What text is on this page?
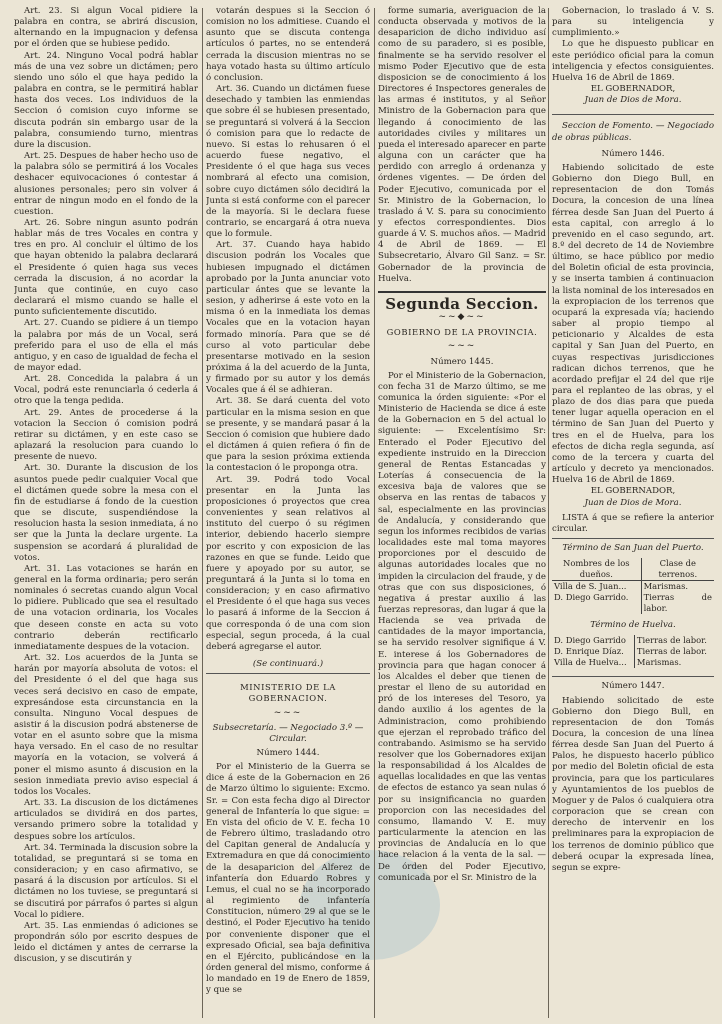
Art. 23. Si algun Vocal pidiere la palabra en contra, se abrirá discusion, alternando en la impugnacion y defensa por el órden que se hubiese pedido.

Art. 24. Ninguno Vocal podrá hablar más de una vez sobre un dictámen; pero siendo uno sólo el que haya pedido la palabra en contra, se le permitirá hablar hasta dos veces. Los individuos de la Seccion ó comision cuyo informe se discuta podrán sin embargo usar de la palabra, consumiendo turno, mientras dure la discusion.

Art. 25. Despues de haber hecho uso de la palabra sólo se permitirá á los Vocales deshacer equivocaciones ó contestar á alusiones personales; pero sin volver á entrar de ningun modo en el fondo de la cuestion.

Art. 26. Sobre ningun asunto podrán hablar más de tres Vocales en contra y tres en pro. Al concluir el último de los que hayan obtenido la palabra declarará el Presidente ó quien haga sus veces cerrada la discusion, á no acordar la Junta que continúe, en cuyo caso declarará el mismo cuando se halle el punto suficientemente discutido.

Art. 27. Cuando se pidiere á un tiempo la palabra por más de un Vocal, será preferido para el uso de ella el más antiguo, y en caso de igualdad de fecha el de mayor edad.

Art. 28. Concedida la palabra á un Vocal, podrá este renunciarla ó cederla á otro que la tenga pedida.

Art. 29. Antes de procederse á la votacion la Seccion ó comision podrá retirar su dictámen, y en este caso se aplazará la resolucion para cuando lo presente de nuevo.

Art. 30. Durante la discusion de los asuntos puede pedir cualquier Vocal que el dictámen quede sobre la mesa con el fin de estudiarse á fondo de la cuestion que se discute, suspendiéndose la resolucion hasta la sesion inmediata, á no ser que la Junta la declare urgente. La suspension se acordará á pluralidad de votos.

Art. 31. Las votaciones se harán en general en la forma ordinaria; pero serán nominales ó secretas cuando algun Vocal lo pidiere. Publicado que sea el resultado de una votacion ordinaria, los Vocales que deseen conste en acta su voto contrario deberán rectificarlo inmediatamente despues de la votacion.

Art. 32. Los acuerdos de la Junta se harán por mayoría absoluta de votos: el del Presidente ó el del que haga sus veces será decisivo en caso de empate, expresándose esta circunstancia en la consulta. Ninguno Vocal despues de asistir á la discusion podrá abstenerse de votar en el asunto sobre que la misma haya versado. En el caso de no resultar mayoría en la votacion, se volverá á poner el mismo asunto á discusion en la sesion inmediata previo aviso especial á todos los Vocales.

Art. 33. La discusion de los dictámenes articulados se dividirá en dos partes, versando primero sobre la totalidad y despues sobre los artículos.

Art. 34. Terminada la discusion sobre la totalidad, se preguntará si se toma en consideracion; y en caso afirmativo, se pasará á la discusion por artículos. Si el dictámen no los tuviese, se preguntará si se discutirá por párrafos ó partes si algun Vocal lo pidiere.

Art. 35. Las enmiendas ó adiciones se propondrán sólo por escrito despues de leido el dictámen y antes de cerrarse la discusion, y se discutirán y

votarán despues si la Seccion ó comision no los admitiese. Cuando el asunto que se discuta contenga artículos ó partes, no se entenderá cerrada la discusion mientras no se haya votado hasta su último artículo ó conclusion.

Art. 36. Cuando un dictámen fuese desechado y tambien las enmiendas que sobre él se hubiesen presentado, se preguntará si volverá á la Seccion ó comision para que lo redacte de nuevo. Si estas lo rehusaren ó el acuerdo fuese negativo, el Presidente ó el que haga sus veces nombrará al efecto una comision, sobre cuyo dictámen sólo decidirá la Junta si está conforme con el parecer de la mayoría. Si le declara fuese contrario, se encargará á otra nueva que lo formule.

Art. 37. Cuando haya habido discusion podrán los Vocales que hubiesen impugnado el dictámen aprobado por la Junta anunciar voto particular ántes que se levante la sesion, y adherirse á este voto en la misma ó en la inmediata los demas Vocales que en la votacion hayan formado minoría. Para que se dé curso al voto particular debe presentarse motivado en la sesion próxima á la del acuerdo de la Junta, y firmado por su autor y los demás Vocales que á él se adhieran.

Art. 38. Se dará cuenta del voto particular en la misma sesion en que se presente, y se mandará pasar á la Seccion ó comision que hubiere dado el dictámen á quien refiera ó fin de que para la sesion próxima extienda la contestacion ó le proponga otra.

Art. 39. Podrá todo Vocal presentar en la Junta las proposiciones ó proyectos que crea convenientes y sean relativos al instituto del cuerpo ó su régimen interior, debiendo hacerlo siempre por escrito y con exposicion de las razones en que se funde. Leido que fuere y apoyado por su autor, se preguntará á la Junta si lo toma en consideracion; y en caso afirmativo el Presidente ó el que haga sus veces lo pasará á informe de la Seccion á que corresponda ó de una com sion especial, segun proceda, á la cual deberá agregarse el autor.

(Se continuará.)

MINISTERIO DE LA GOBERNACION.
~~~

Subsecretaría. — Negociado 3.º — Circular.

Número 1444.

Por el Ministerio de la Guerra se dice á este de la Gobernacion en 26 de Marzo último lo siguiente: Excmo. Sr. = Con esta fecha digo al Director general de Infantería lo que sigue: = En vista del oficio de V. E. fecha 10 de Febrero último, trasladando otro del Capitan general de Andalucía y Extremadura en que dá conocimiento de la desaparicion del Alferez de infantería don Eduardo Robres y Lemus, el cual no se ha incorporado al regimiento de infantería Constitucion, número 29 al que se le destinó, el Poder Ejecutivo ha tenido por conveniente disponer que el expresado Oficial, sea baja definitiva en el Ejército, publicándose en la órden general del mismo, conforme á lo mandado en 19 de Enero de 1859, y que se

forme sumaria, averiguacion de la conducta observada y motivos de la desaparicion de dicho individuo así como de su paradero, si es posible, finalmente se ha servido resolver el mismo Poder Ejecutivo que de esta disposicion se de conocimiento á los Directores é Inspectores generales de las armas é institutos, y al Señor Ministro de la Gobernacion para que llegando á conocimiento de las autoridades civiles y militares un pueda el interesado aparecer en parte alguna con un carácter que ha perdido con arreglo á ordenanza y órdenes vigentes. — De órden del Poder Ejecutivo, comunicada por el Sr. Ministro de la Gobernacion, lo traslado á V. S. para su conocimiento y efectos correspondientes. Dios guarde á V. S. muchos años. — Madrid 4 de Abril de 1869. — El Subsecretario, Álvaro Gil Sanz. = Sr. Gobernador de la provincia de Huelva.

Segunda Seccion.
~~◆~~
GOBIERNO DE LA PROVINCIA.
~~~

Número 1445.

Por el Ministerio de la Gobernacion, con fecha 31 de Marzo último, se me comunica la órden siguiente: «Por el Ministerio de Hacienda se dice á este de la Gobernacion en 5 del actual lo siguiente: — Excelentísimo Sr: Enterado el Poder Ejecutivo del expediente instruido en la Direccion general de Rentas Estancadas y Loterías á consecuencia de la excesiva baja de valores que se observa en las rentas de tabacos y sal, especialmente en las provincias de Andalucía, y considerando que segun los informes recibidos de varias localidades este mal toma mayores proporciones por el descuido de algunas autoridades locales que no impiden la circulacion del fraude, y de otras que con sus disposiciones, ó negativa á prestar auxilio á las fuerzas represoras, dan lugar á que la Hacienda se vea privada de cantidades de la mayor importancia, se ha servido resolver signifique á V. E. interese á los Gobernadores de provincia para que hagan conocer á los Alcaldes el deber que tienen de prestar el lleno de su autoridad en pró de los intereses del Tesoro, ya dando auxilio á los agentes de la Administracion, como prohibiendo que ejerzan el reprobado tráfico del contrabando. Asimismo se ha servido resolver que los Gobernadores exijan la responsabilidad á los Alcaldes de aquellas localidades en que las ventas de efectos de estanco ya sean nulas ó por su insignificancia no guarden proporcion con las necesidades del consumo, llamando V. E. muy particularmente la atencion en las provincias de Andalucía en lo que hace relacion á la venta de la sal. — De órden del Poder Ejecutivo, comunicada por el Sr. Ministro de la

Gobernacion, lo traslado á V. S. para su inteligencia y cumplimiento.»

Lo que he dispuesto publicar en este periódico oficial para la comun inteligencia y efectos consiguientes. Huelva 16 de Abril de 1869.

EL GOBERNADOR,

Juan de Dios de Mora.

Seccion de Fomento. — Negociado de obras públicas.

Número 1446.

Habiendo solicitado de este Gobierno don Diego Bull, en representacion de don Tomás Docura, la concesion de una línea férrea desde San Juan del Puerto á esta capital, con arreglo á lo prevenido en el caso segundo, art. 8.º del decreto de 14 de Noviembre último, se hace público por medio del Boletin oficial de esta provincia, y se inserta tambien á continuacion la lista nominal de los interesados en la expropiacion de los terrenos que ocupará la expresada vía; haciendo saber al propio tiempo al peticionario y Alcaldes de esta capital y San Juan del Puerto, en cuyas respectivas jurisdicciones radican dichos terrenos, que he acordado prefijar el 24 del que rije para el replanteo de las obras, y el plazo de dos dias para que pueda tener lugar aquella operacion en el término de San Juan del Puerto y tres en el de Huelva, para los efectos de dicha regla segunda, así como de la tercera y cuarta del artículo y decreto ya mencionados. Huelva 16 de Abril de 1869.

EL GOBERNADOR,

Juan de Dios de Mora.

LISTA á que se refiere la anterior circular.

Término de San Juan del Puerto.

Nombres de los dueños.	Clase de terrenos.
Villa de S. Juan...	Marismas.
D. Diego Garrido.	Tierras de labor.

Término de Huelva.

D. Diego Garrido	Tierras de labor.
D. Enrique Díaz.	Tierras de labor.
Villa de Huelva...	Marismas.

Número 1447.

Habiendo solicitado de este Gobierno don Diego Bull, en representacion de don Tomás Docura, la concesion de una línea férrea desde San Juan del Puerto á Palos, he dispuesto hacerlo público por medio del Boletin oficial de esta provincia, para que los particulares y Ayuntamientos de los pueblos de Moguer y de Palos ó cualquiera otra corporacion que se crean con derecho de intervenir en los preliminares para la expropiacion de los terrenos de dominio público que deberá ocupar la expresada línea, segun se expre-
